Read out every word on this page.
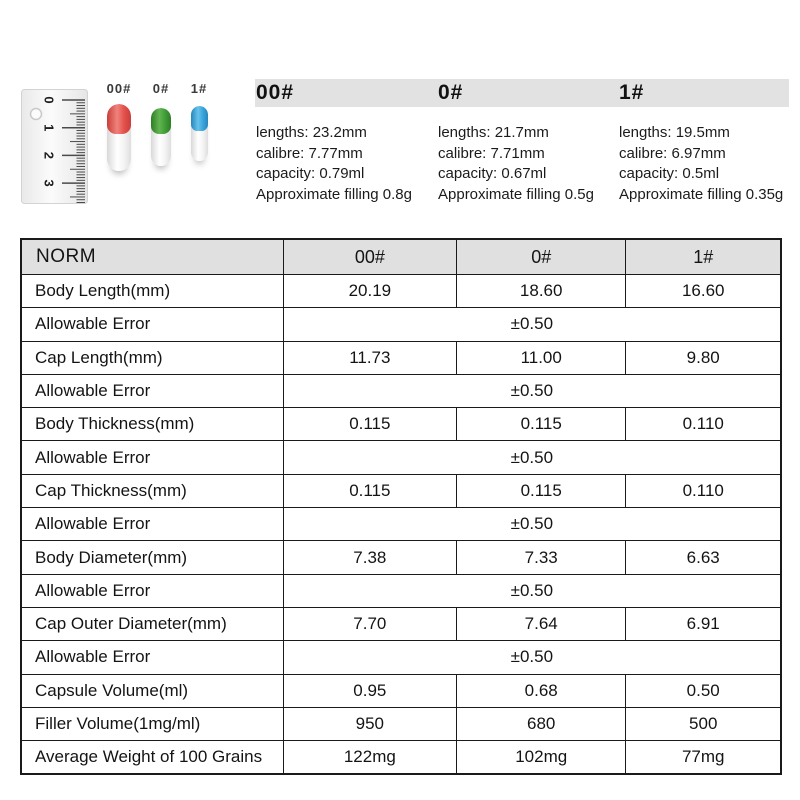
0
1
2
3
00#	0#	1# 00#
lengths: 23.2mm
calibre: 7.77mm
capacity: 0.79ml
Approximate filling 0.8g
0#
lengths: 21.7mm
calibre: 7.71mm
capacity: 0.67ml
Approximate filling 0.5g
1#
lengths: 19.5mm
calibre: 6.97mm
capacity: 0.5ml
Approximate filling 0.35g
NORM	00#	0#	1#
Body Length(mm)	20.19	18.60	16.60
Allowable Error	±0.50		
Cap Length(mm)	11.73	11.00	9.80
Allowable Error	±0.50		
Body Thickness(mm)	0.115	0.115	0.110
Allowable Error	±0.50		
Cap Thickness(mm)	0.115	0.115	0.110
Allowable Error	±0.50		
Body Diameter(mm)	7.38	7.33	6.63
Allowable Error	±0.50		
Cap Outer Diameter(mm)	7.70	7.64	6.91
Allowable Error	±0.50		
Capsule Volume(ml)	0.95	0.68	0.50
Filler Volume(1mg/ml)	950	680	500
Average Weight of 100 Grains	122mg	102mg	77mg
